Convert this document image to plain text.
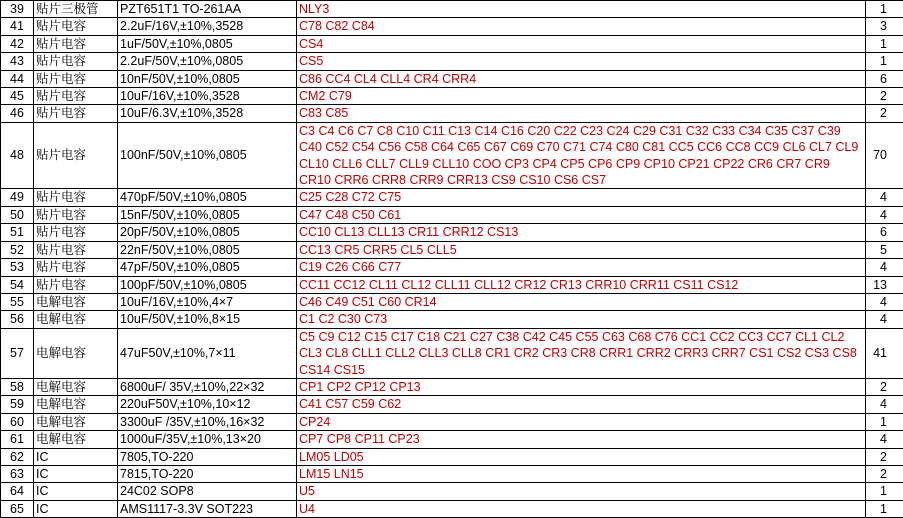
39	贴片三极管	PZT651T1 TO-261AA	NLY3	1
41	贴片电容	2.2uF/16V,±10%,3528	C78 C82 C84	3
42	贴片电容	1uF/50V,±10%,0805	CS4	1
43	贴片电容	2.2uF/50V,±10%,0805	CS5	1
44	贴片电容	10nF/50V,±10%,0805	C86 CC4 CL4 CLL4 CR4 CRR4	6
45	贴片电容	10uF/16V,±10%,3528	CM2 C79	2
46	贴片电容	10uF/6.3V,±10%,3528	C83 C85	2
48	贴片电容	100nF/50V,±10%,0805	C3 C4 C6 C7 C8 C10 C11 C13 C14 C16 C20 C22 C23 C24 C29 C31 C32 C33 C34 C35 C37 C39 C40 C52 C54 C56 C58 C64 C65 C67 C69 C70 C71 C74 C80 C81 CC5 CC6 CC8 CC9 CL6 CL7 CL9 CL10 CLL6 CLL7 CLL9 CLL10 COO CP3 CP4 CP5 CP6 CP9 CP10 CP21 CP22 CR6 CR7 CR9 CR10 CRR6 CRR8 CRR9 CRR13 CS9 CS10 CS6 CS7	70
49	贴片电容	470pF/50V,±10%,0805	C25 C28 C72 C75	4
50	贴片电容	15nF/50V,±10%,0805	C47 C48 C50 C61	4
51	贴片电容	20pF/50V,±10%,0805	CC10 CL13 CLL13 CR11 CRR12 CS13	6
52	贴片电容	22nF/50V,±10%,0805	CC13 CR5 CRR5 CL5 CLL5	5
53	贴片电容	47pF/50V,±10%,0805	C19 C26 C66 C77	4
54	贴片电容	100pF/50V,±10%,0805	CC11 CC12 CL11 CL12 CLL11 CLL12 CR12 CR13 CRR10 CRR11 CS11 CS12	13
55	电解电容	10uF/16V,±10%,4×7	C46 C49 C51 C60 CR14	4
56	电解电容	10uF/50V,±10%,8×15	C1 C2 C30 C73	4
57	电解电容	47uF50V,±10%,7×11	C5 C9 C12 C15 C17 C18 C21 C27 C38 C42 C45 C55 C63 C68 C76 CC1 CC2 CC3 CC7 CL1 CL2 CL3 CL8 CLL1 CLL2 CLL3 CLL8 CR1 CR2 CR3 CR8 CRR1 CRR2 CRR3 CRR7 CS1 CS2 CS3 CS8 CS14 CS15	41
58	电解电容	6800uF/ 35V,±10%,22×32	CP1 CP2 CP12 CP13	2
59	电解电容	220uF50V,±10%,10×12	C41 C57 C59 C62	4
60	电解电容	3300uF /35V,±10%,16×32	CP24	1
61	电解电容	1000uF/35V,±10%,13×20	CP7 CP8 CP11 CP23	4
62	IC	7805,TO-220	LM05 LD05	2
63	IC	7815,TO-220	LM15 LN15	2
64	IC	24C02 SOP8	U5	1
65	IC	AMS1117-3.3V SOT223	U4	1
